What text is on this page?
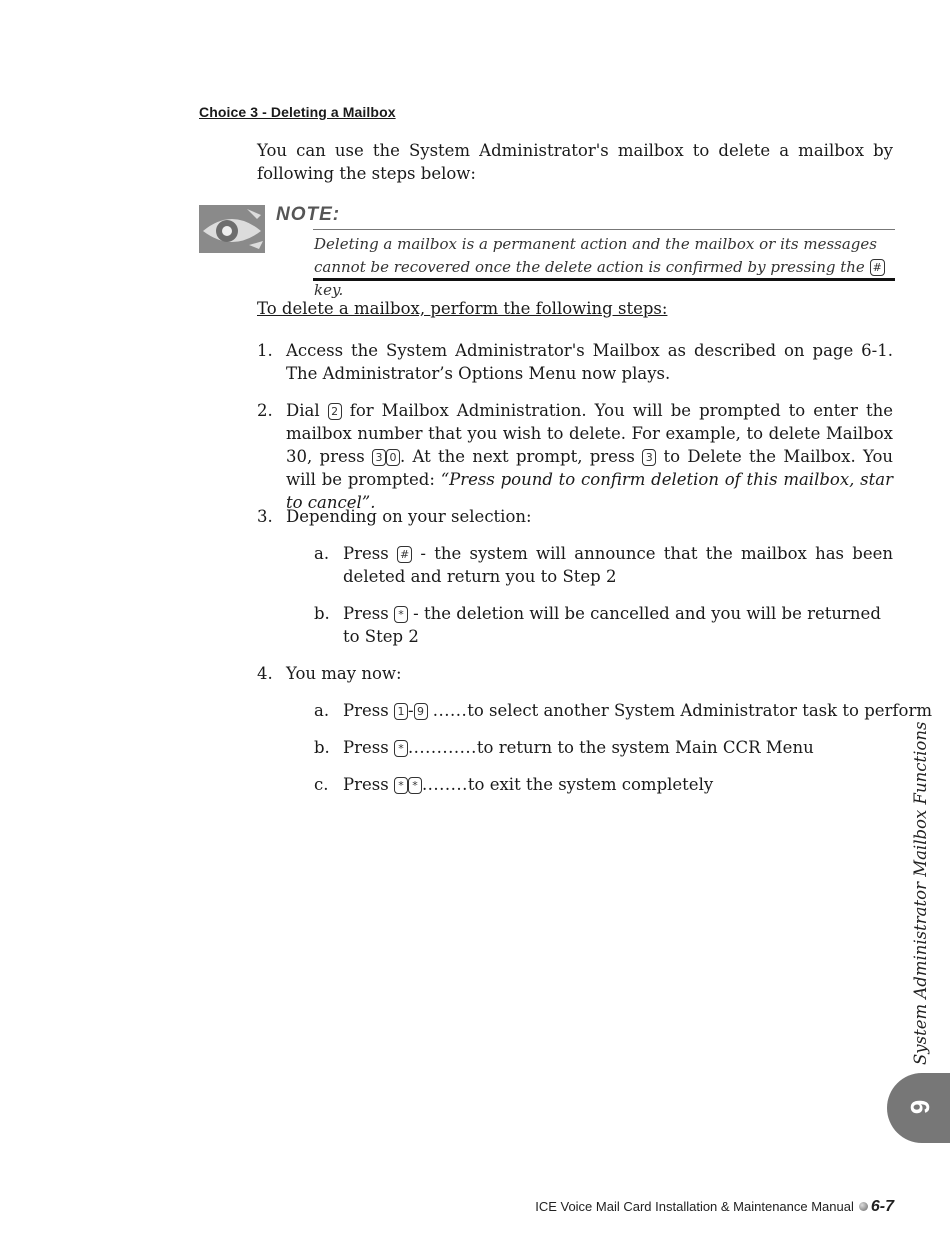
Choice 3 - Deleting a Mailbox
You can use the System Administrator's mailbox to delete a mailbox by following the steps below:
NOTE:
Deleting a mailbox is a permanent action and the mailbox or its messages cannot be recovered once the delete action is confirmed by pressing the #key.
To delete a mailbox, perform the following steps:
1. Access the System Administrator's Mailbox as described on page 6-1. The Administrator’s Options Menu now plays.
2. Dial 2 for Mailbox Administration. You will be prompted to enter the mailbox number that you wish to delete. For example, to delete Mailbox 30, press 3 0 . At the next prompt, press 3 to Delete the Mailbox. You will be prompted: “Press pound to confirm deletion of this mailbox, star to cancel”.
3. Depending on your selection:
a. Press # - the system will announce that the mailbox has been deleted and return you to Step 2
b. Press * - the deletion will be cancelled and you will be returned to Step 2
4. You may now:
a. Press 1 - 9 ......to select another System Administrator task to perform
b. Press * ............to return to the system Main CCR Menu
c. Press * * ........to exit the system completely	System Administrator Mailbox Functions
6
ICE Voice Mail Card Installation & Maintenance Manual 6-7
